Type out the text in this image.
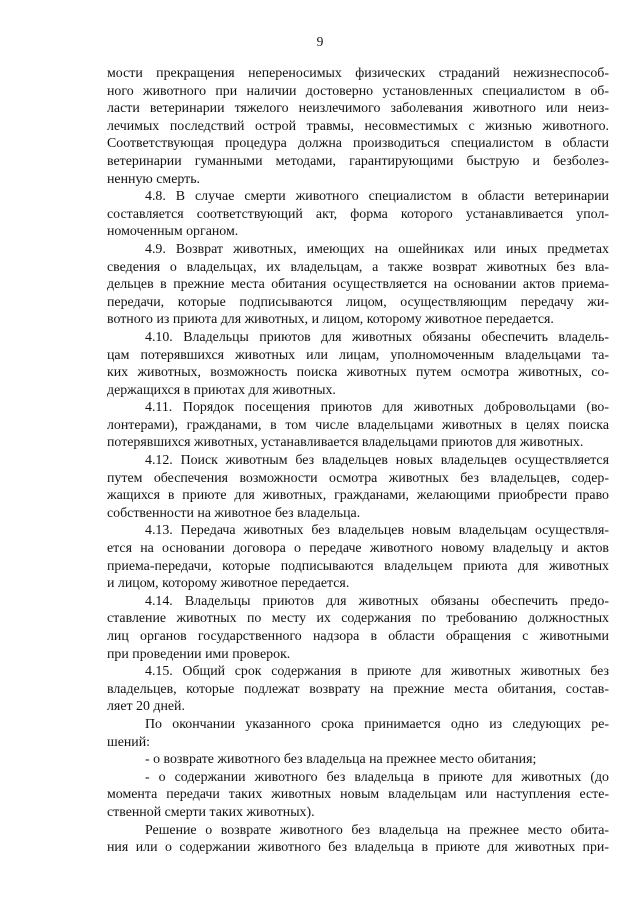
9

мости прекращения непереносимых физических страданий нежизнеспособ-
ного животного при наличии достоверно установленных специалистом в об-
ласти ветеринарии тяжелого неизлечимого заболевания животного или неиз-
лечимых последствий острой травмы, несовместимых с жизнью животного.
Соответствующая процедура должна производиться специалистом в области
ветеринарии гуманными методами, гарантирующими быструю и безболез-
ненную смерть.

4.8. В случае смерти животного специалистом в области ветеринарии
составляется соответствующий акт, форма которого устанавливается упол-
номоченным органом.

4.9. Возврат животных, имеющих на ошейниках или иных предметах
сведения о владельцах, их владельцам, а также возврат животных без вла-
дельцев в прежние места обитания осуществляется на основании актов приема-
передачи, которые подписываются лицом, осуществляющим передачу жи-
вотного из приюта для животных, и лицом, которому животное передается.

4.10. Владельцы приютов для животных обязаны обеспечить владель-
цам потерявшихся животных или лицам, уполномоченным владельцами та-
ких животных, возможность поиска животных путем осмотра животных, со-
держащихся в приютах для животных.

4.11. Порядок посещения приютов для животных добровольцами (во-
лонтерами), гражданами, в том числе владельцами животных в целях поиска
потерявшихся животных, устанавливается владельцами приютов для животных.

4.12. Поиск животным без владельцев новых владельцев осуществляется
путем обеспечения возможности осмотра животных без владельцев, содер-
жащихся в приюте для животных, гражданами, желающими приобрести право
собственности на животное без владельца.

4.13. Передача животных без владельцев новым владельцам осуществля-
ется на основании договора о передаче животного новому владельцу и актов
приема-передачи, которые подписываются владельцем приюта для животных
и лицом, которому животное передается.

4.14. Владельцы приютов для животных обязаны обеспечить предо-
ставление животных по месту их содержания по требованию должностных
лиц органов государственного надзора в области обращения с животными
при проведении ими проверок.

4.15. Общий срок содержания в приюте для животных животных без
владельцев, которые подлежат возврату на прежние места обитания, состав-
ляет 20 дней.

По окончании указанного срока принимается одно из следующих ре-
шений:

- о возврате животного без владельца на прежнее место обитания;

- о содержании животного без владельца в приюте для животных (до
момента передачи таких животных новым владельцам или наступления есте-
ственной смерти таких животных).

Решение о возврате животного без владельца на прежнее место обита-
ния или о содержании животного без владельца в приюте для животных при-
